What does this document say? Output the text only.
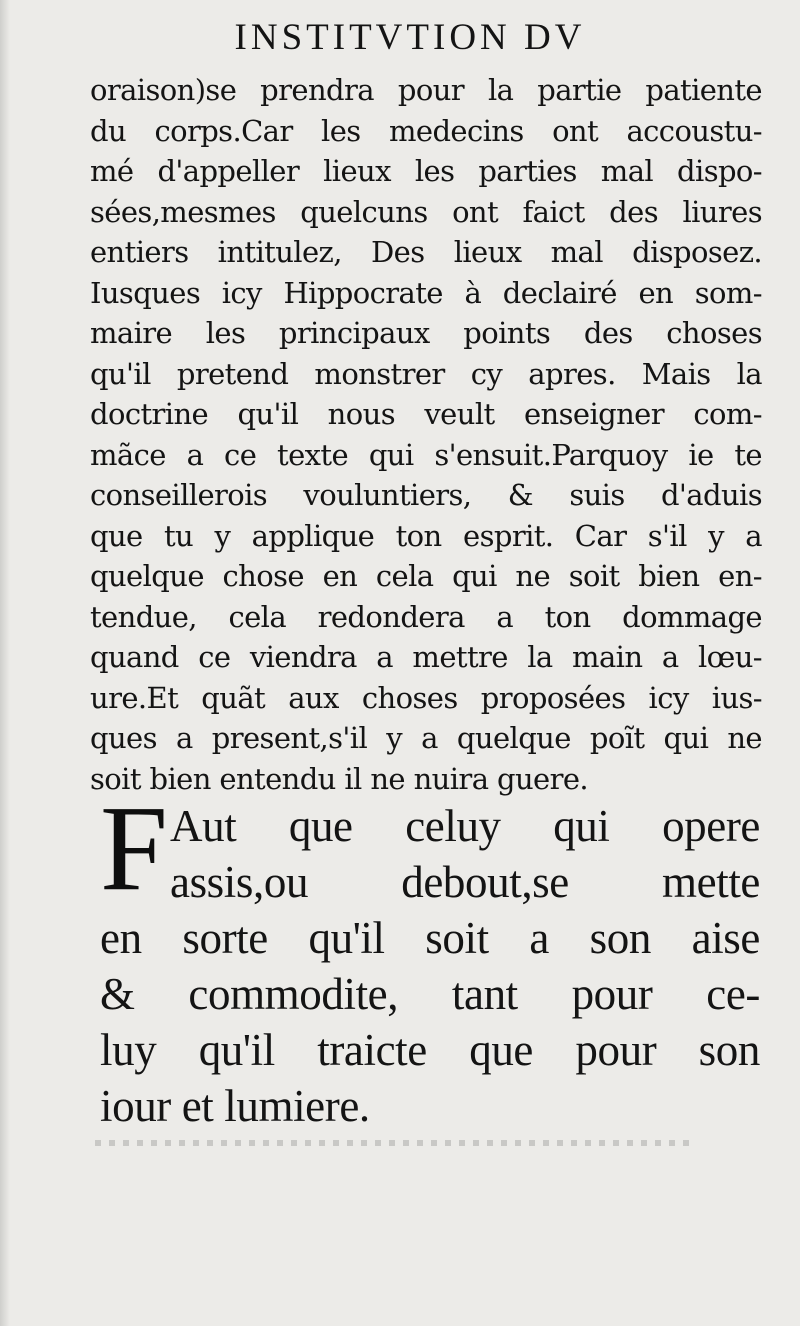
INSTITVTION DV
oraison)se prendra pour la partie patiente
du corps.Car les medecins ont accoustu-
mé d'appeller lieux les parties mal dispo-
sées,mesmes quelcuns ont faict des liures
entiers intitulez, Des lieux mal disposez.
Iusques icy Hippocrate à declairé en som-
maire les principaux points des choses
qu'il pretend monstrer cy apres. Mais la
doctrine qu'il nous veult enseigner com-
mãce a ce texte qui s'ensuit.Parquoy ie te
conseillerois vouluntiers, & suis d'aduis
que tu y applique ton esprit. Car s'il y a
quelque chose en cela qui ne soit bien en-
tendue, cela redondera a ton dommage
quand ce viendra a mettre la main a lœu-
ure.Et quãt aux choses proposées icy ius-
ques a present,s'il y a quelque poĩt qui ne
soit bien entendu il ne nuira guere.
F Aut que celuy qui opere
assis,ou debout,se mette
en sorte qu'il soit a son aise
& commodite, tant pour ce-
luy qu'il traicte que pour son
iour et lumiere.
